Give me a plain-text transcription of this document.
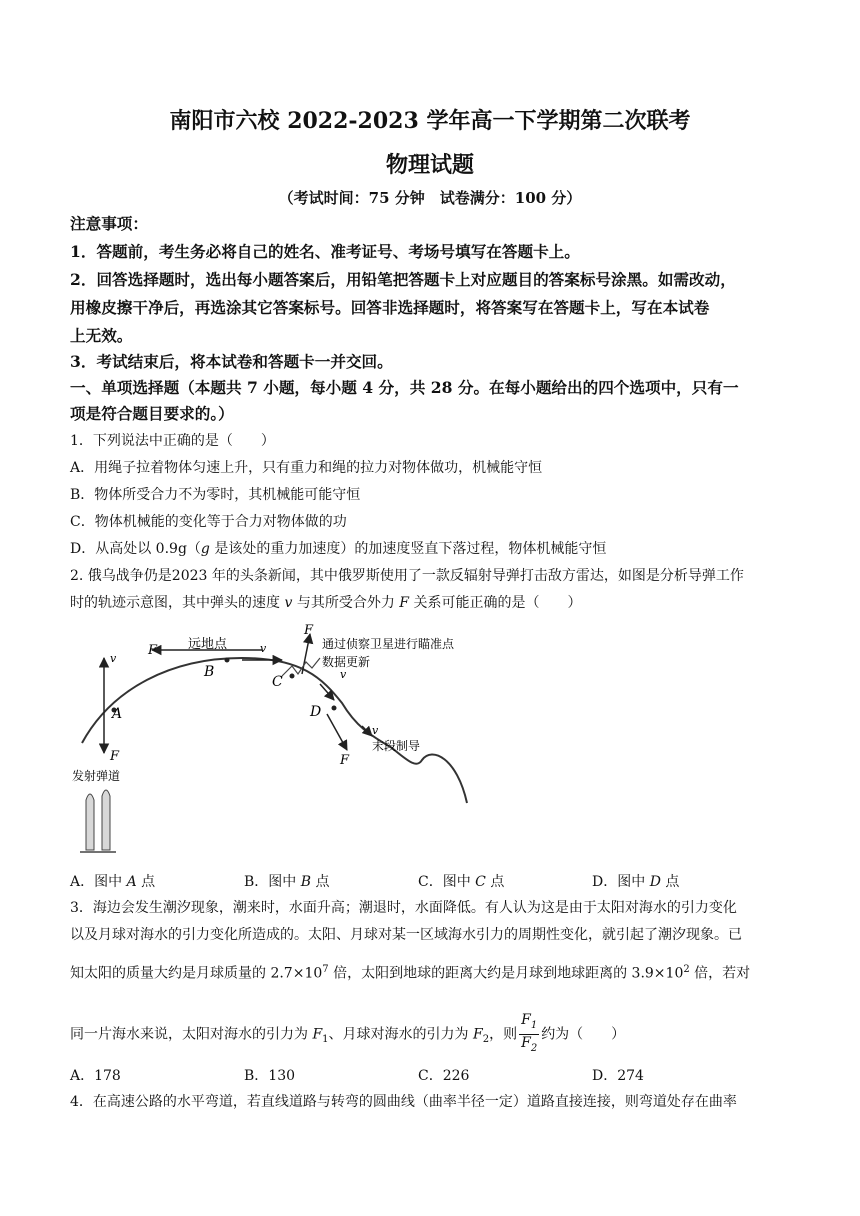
南阳市六校 2022-2023 学年高一下学期第二次联考
物理试题
（考试时间：75 分钟　试卷满分：100 分）
注意事项：
1．答题前，考生务必将自己的姓名、准考证号、考场号填写在答题卡上。
2．回答选择题时，选出每小题答案后，用铅笔把答题卡上对应题目的答案标号涂黑。如需改动，
用橡皮擦干净后，再选涂其它答案标号。回答非选择题时，将答案写在答题卡上，写在本试卷
上无效。
3．考试结束后，将本试卷和答题卡一并交回。
一、单项选择题（本题共 7 小题，每小题 4 分，共 28 分。在每小题给出的四个选项中，只有一
项是符合题目要求的。）
1．下列说法中正确的是（　　）
A．用绳子拉着物体匀速上升，只有重力和绳的拉力对物体做功，机械能守恒
B．物体所受合力不为零时，其机械能可能守恒
C．物体机械能的变化等于合力对物体做的功
D．从高处以 0.9g（g 是该处的重力加速度）的加速度竖直下落过程，物体机械能守恒
2. 俄乌战争仍是2023 年的头条新闻，其中俄罗斯使用了一款反辐射导弹打击敌方雷达，如图是分析导弹工作
时的轨迹示意图，其中弹头的速度 v 与其所受合外力 F 关系可能正确的是（　　）
A
B
C
D
v
F
F	v
F
v
F
v
远地点	通过侦察卫星进行瞄准点
数据更新
末段制导
发射弹道
A．图中 A 点	B．图中 B 点	C．图中 C 点	D．图中 D 点
3．海边会发生潮汐现象，潮来时，水面升高；潮退时，水面降低。有人认为这是由于太阳对海水的引力变化
以及月球对海水的引力变化所造成的。太阳、月球对某一区域海水引力的周期性变化，就引起了潮汐现象。已
知太阳的质量大约是月球质量的 $2.7\times 10^7$ 倍，太阳到地球的距离大约是月球到地球距离的 $3.9\times 10^2$ 倍，若对
同一片海水来说，太阳对海水的引力为 $F_1$、月球对海水的引力为 $F_2$，则 $\frac{F_1}{F_2}$ 约为（　　）
A．178	B．130	C．226	D．274
4．在高速公路的水平弯道，若直线道路与转弯的圆曲线（曲率半径一定）道路直接连接，则弯道处存在曲率
